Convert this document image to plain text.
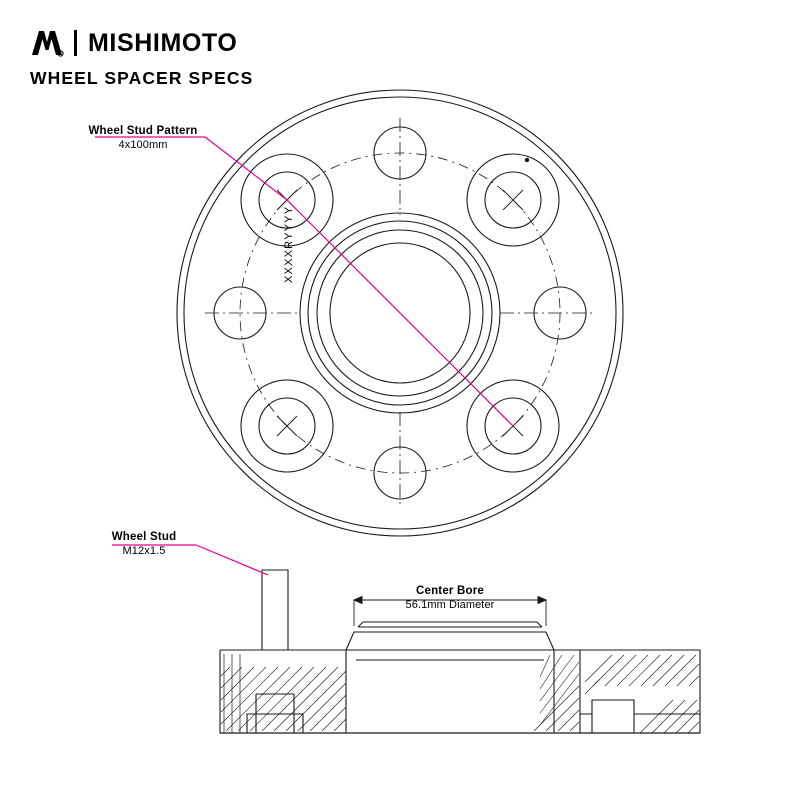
R MISHIMOTO
WHEEL SPACER SPECS
Wheel Stud Pattern
4x100mm
Wheel Stud
M12x1.5
Center Bore
56.1mm Diameter
XXXXRYYYY
